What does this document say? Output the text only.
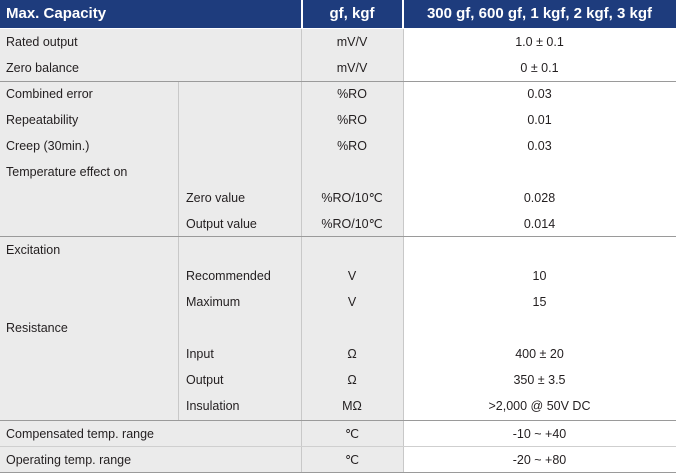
Max. Capacity	gf, kgf	300 gf, 600 gf, 1 kgf, 2 kgf, 3 kgf
Rated output	mV/V	1.0 ± 0.1
Zero balance	mV/V	0 ± 0.1
Combined error	%RO	0.03
Repeatability	%RO	0.01
Creep (30min.)	%RO	0.03
Temperature effect on
Zero value	%RO/10℃	0.028
Output value	%RO/10℃	0.014
Excitation
Recommended	V	10
Maximum	V	15
Resistance
Input	Ω	400 ± 20
Output	Ω	350 ± 3.5
Insulation	MΩ	>2,000 @ 50V DC
Compensated temp. range	℃	-10 ~ +40
Operating temp. range	℃	-20 ~ +80
